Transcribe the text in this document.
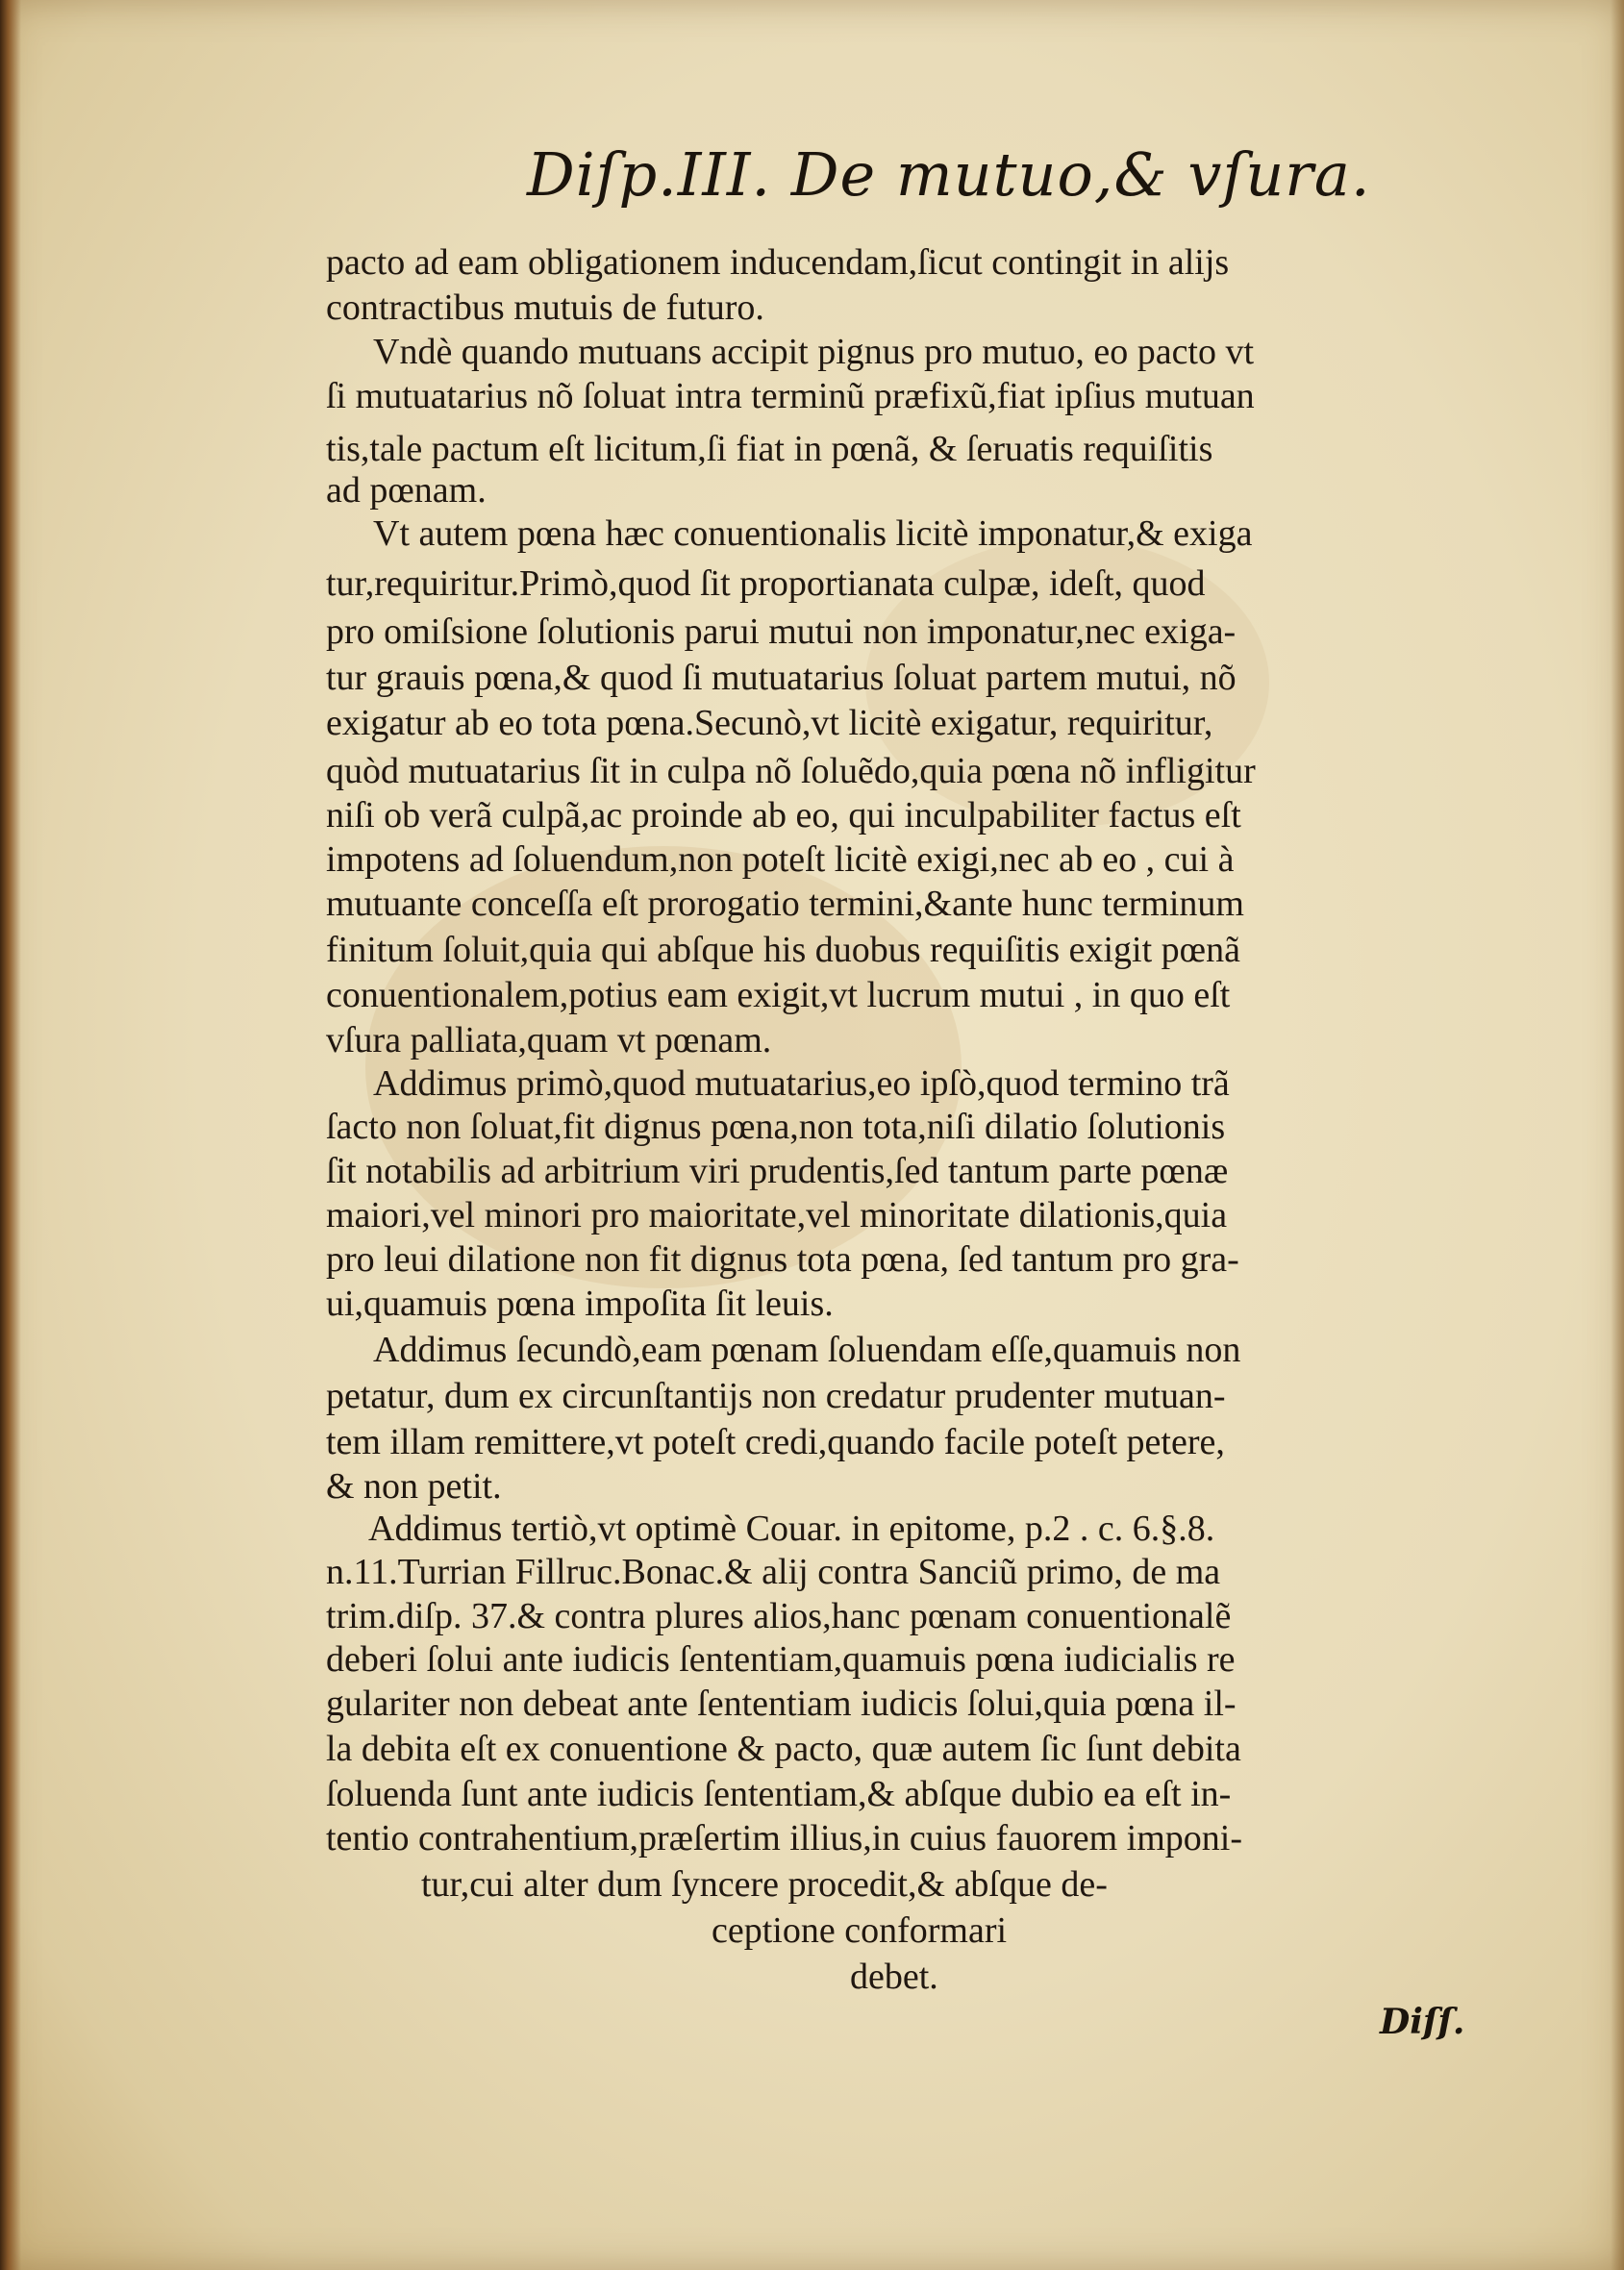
Diſp.III. De mutuo,& vſura.
pacto ad eam obligationem inducendam,ſicut contingit in alijs
contractibus mutuis de futuro.
Vndè quando mutuans accipit pignus pro mutuo, eo pacto vt
ſi mutuatarius nõ ſoluat intra terminũ præfixũ,fiat ipſius mutuan
tis,tale pactum eſt licitum,ſi fiat in pœnã, & ſeruatis requiſitis
ad pœnam.
Vt autem pœna hæc conuentionalis licitè imponatur,& exiga
tur,requiritur.Primò,quod ſit proportianata culpæ, ideſt, quod
pro omiſsione ſolutionis parui mutui non imponatur,nec exiga-
tur grauis pœna,& quod ſi mutuatarius ſoluat partem mutui, nõ
exigatur ab eo tota pœna.Secunò,vt licitè exigatur, requiritur,
quòd mutuatarius ſit in culpa nõ ſoluẽdo,quia pœna nõ infligitur
niſi ob verã culpã,ac proinde ab eo, qui inculpabiliter factus eſt
impotens ad ſoluendum,non poteſt licitè exigi,nec ab eo , cui à
mutuante conceſſa eſt prorogatio termini,&ante hunc terminum
finitum ſoluit,quia qui abſque his duobus requiſitis exigit pœnã
conuentionalem,potius eam exigit,vt lucrum mutui , in quo eſt
vſura palliata,quam vt pœnam.
Addimus primò,quod mutuatarius,eo ipſò,quod termino trã
ſacto non ſoluat,fit dignus pœna,non tota,niſi dilatio ſolutionis
ſit notabilis ad arbitrium viri prudentis,ſed tantum parte pœnæ
maiori,vel minori pro maioritate,vel minoritate dilationis,quia
pro leui dilatione non fit dignus tota pœna, ſed tantum pro gra-
ui,quamuis pœna impoſita ſit leuis.
Addimus ſecundò,eam pœnam ſoluendam eſſe,quamuis non
petatur, dum ex circunſtantijs non credatur prudenter mutuan-
tem illam remittere,vt poteſt credi,quando facile poteſt petere,
& non petit.
Addimus tertiò,vt optimè Couar. in epitome, p.2 . c. 6.§.8.
n.11.Turrian Fillruc.Bonac.& alij contra Sanciũ primo, de ma
trim.diſp. 37.& contra plures alios,hanc pœnam conuentionalẽ
deberi ſolui ante iudicis ſententiam,quamuis pœna iudicialis re
gulariter non debeat ante ſententiam iudicis ſolui,quia pœna il-
la debita eſt ex conuentione & pacto, quæ autem ſic ſunt debita
ſoluenda ſunt ante iudicis ſententiam,& abſque dubio ea eſt in-
tentio contrahentium,præſertim illius,in cuius fauorem imponi-
tur,cui alter dum ſyncere procedit,& abſque de-
ceptione conformari
debet.
Diſſ.
